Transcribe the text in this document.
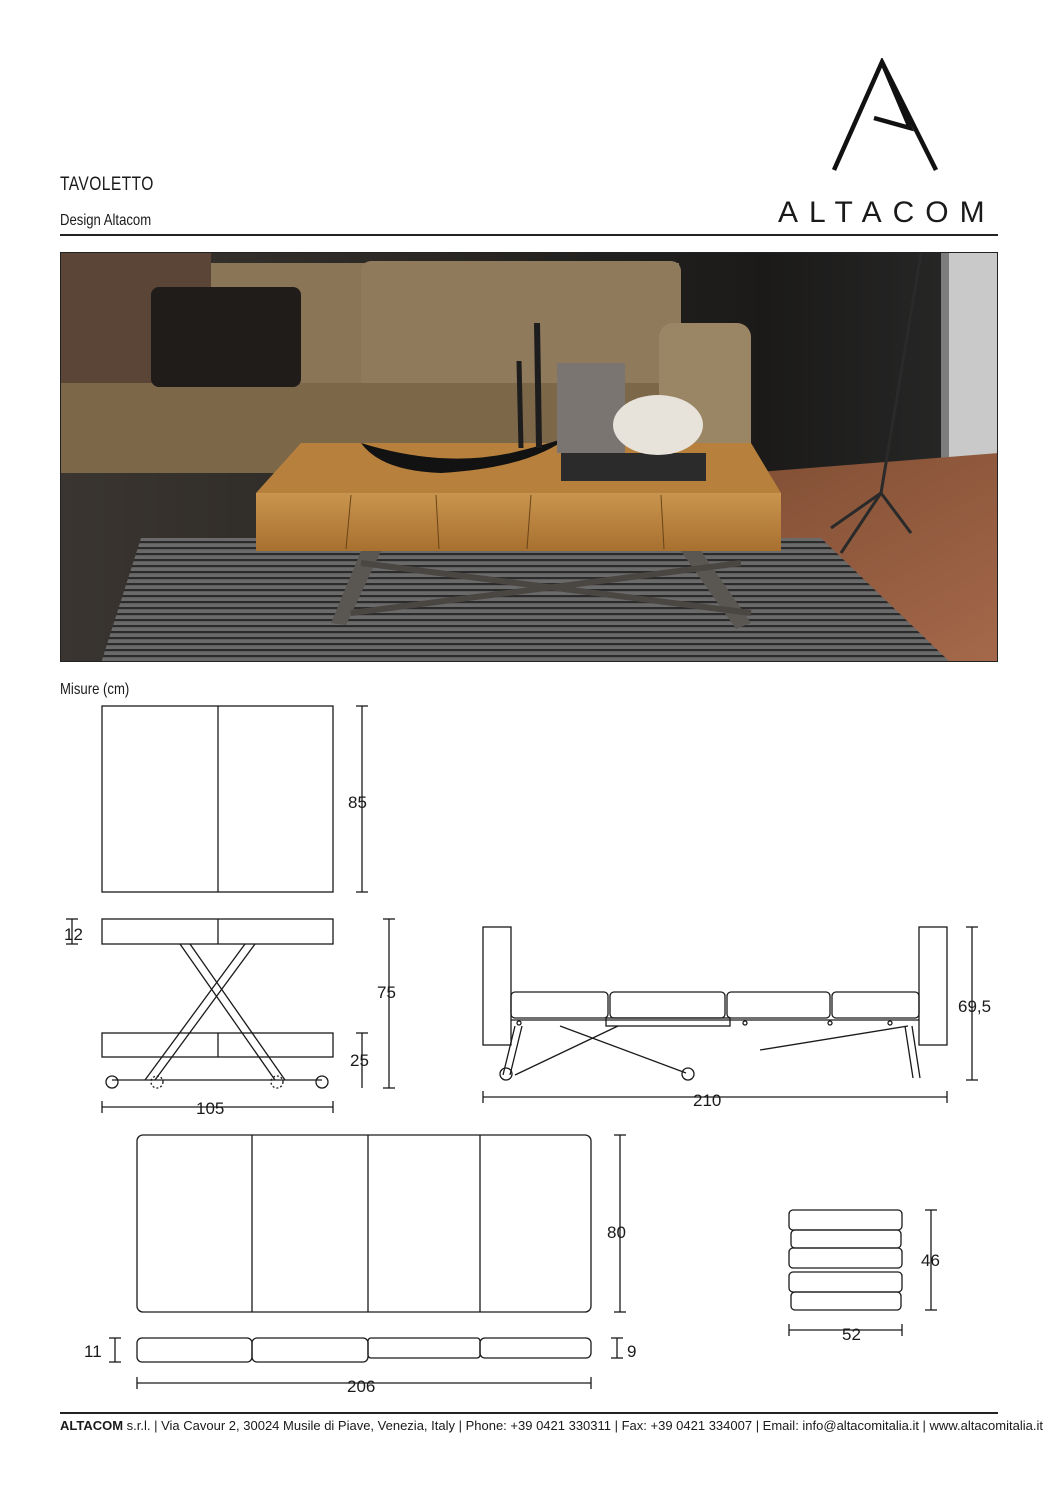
TAVOLETTO
Design Altacom	ALTACOM
Misure (cm)
85
12
75
25
105
69,5
210
80
11	9
206
46
52
ALTACOM s.r.l. | Via Cavour 2, 30024 Musile di Piave, Venezia, Italy | Phone: +39 0421 330311 | Fax: +39 0421 334007 | Email: info@altacomitalia.it | www.altacomitalia.it
